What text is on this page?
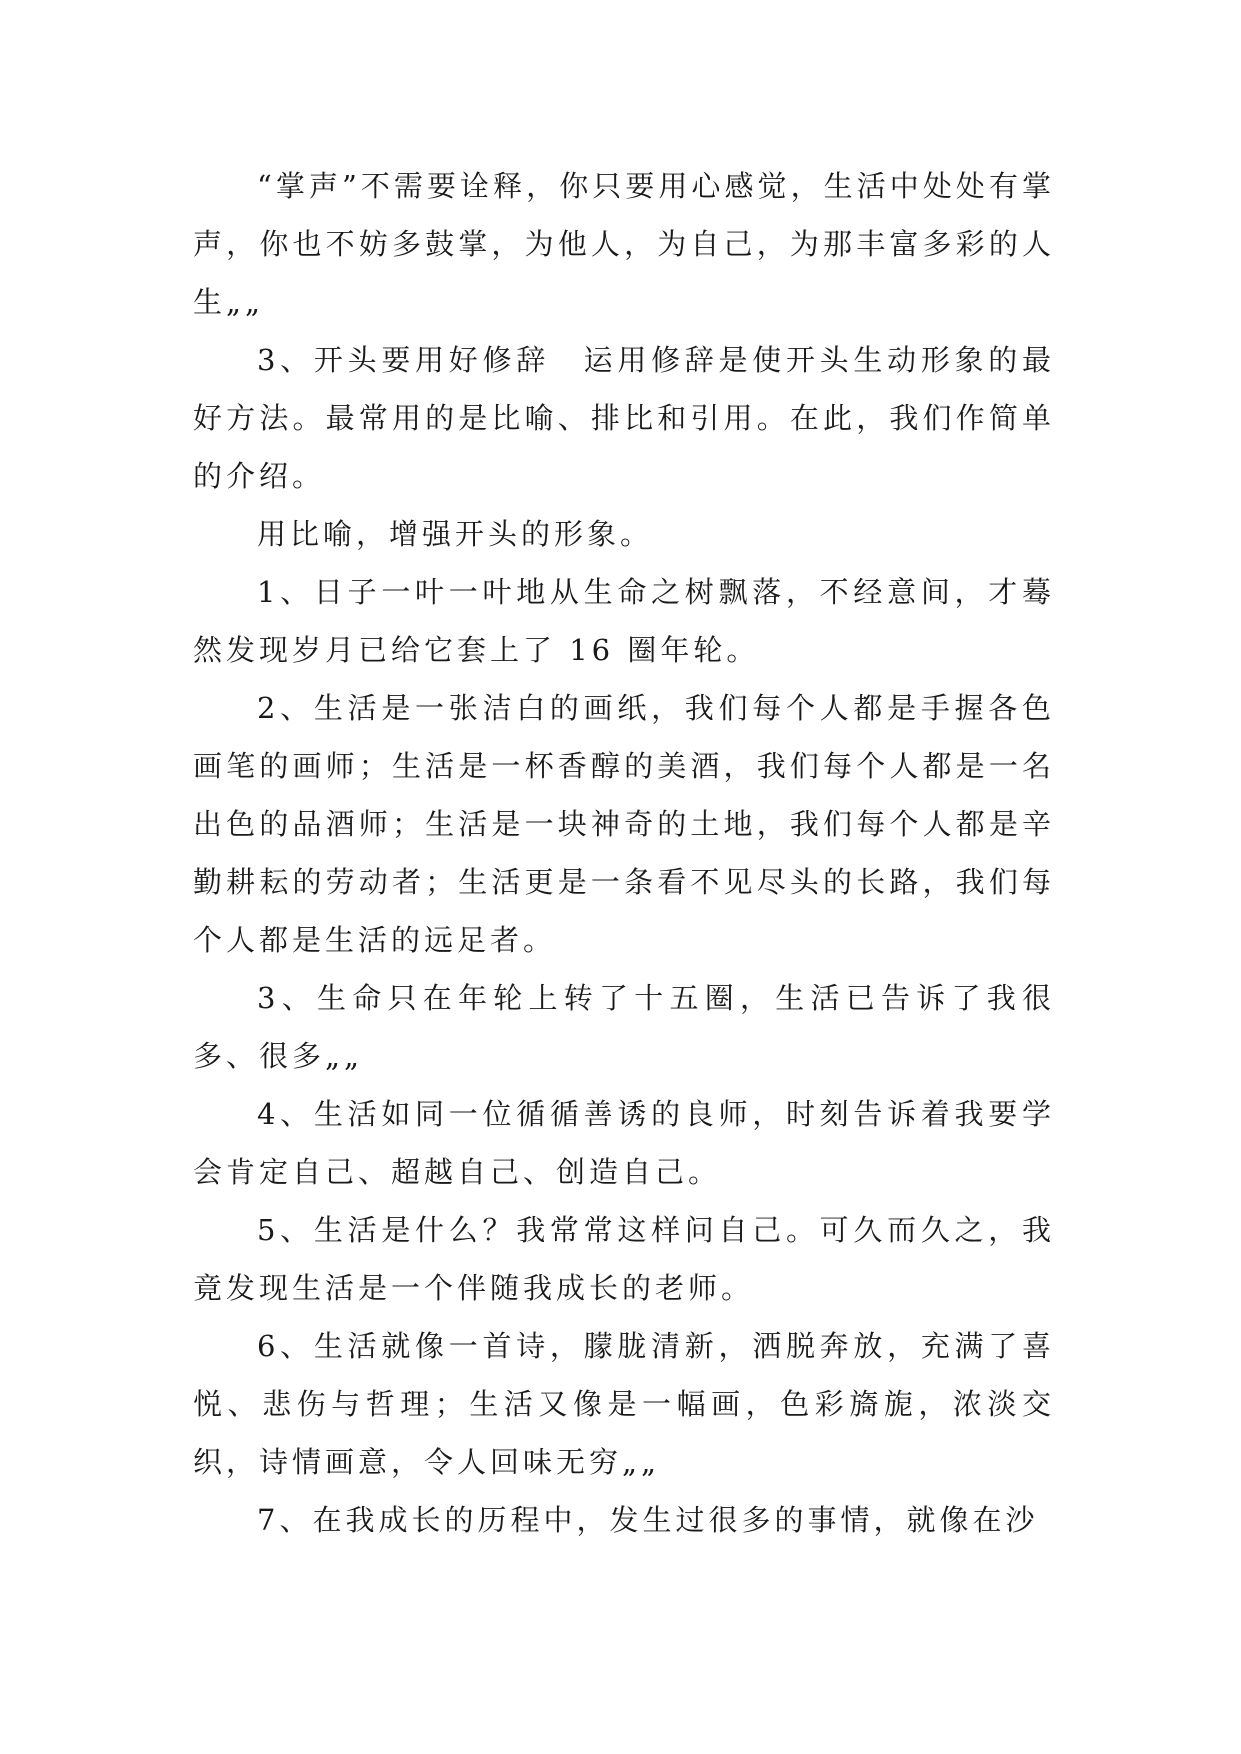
“掌声”不需要诠释，你只要用心感觉，生活中处处有掌声，你也不妨多鼓掌，为他人，为自己，为那丰富多彩的人生„„

3、开头要用好修辞　运用修辞是使开头生动形象的最好方法。最常用的是比喻、排比和引用。在此，我们作简单的介绍。

用比喻，增强开头的形象。

1、日子一叶一叶地从生命之树飘落，不经意间，才蓦然发现岁月已给它套上了 16 圈年轮。

2、生活是一张洁白的画纸，我们每个人都是手握各色画笔的画师；生活是一杯香醇的美酒，我们每个人都是一名出色的品酒师；生活是一块神奇的土地，我们每个人都是辛勤耕耘的劳动者；生活更是一条看不见尽头的长路，我们每个人都是生活的远足者。

3、生命只在年轮上转了十五圈，生活已告诉了我很多、很多„„

4、生活如同一位循循善诱的良师，时刻告诉着我要学会肯定自己、超越自己、创造自己。

5、生活是什么？我常常这样问自己。可久而久之，我竟发现生活是一个伴随我成长的老师。

6、生活就像一首诗，朦胧清新，洒脱奔放，充满了喜悦、悲伤与哲理；生活又像是一幅画，色彩旖旎，浓淡交织，诗情画意，令人回味无穷„„

7、在我成长的历程中，发生过很多的事情，就像在沙
